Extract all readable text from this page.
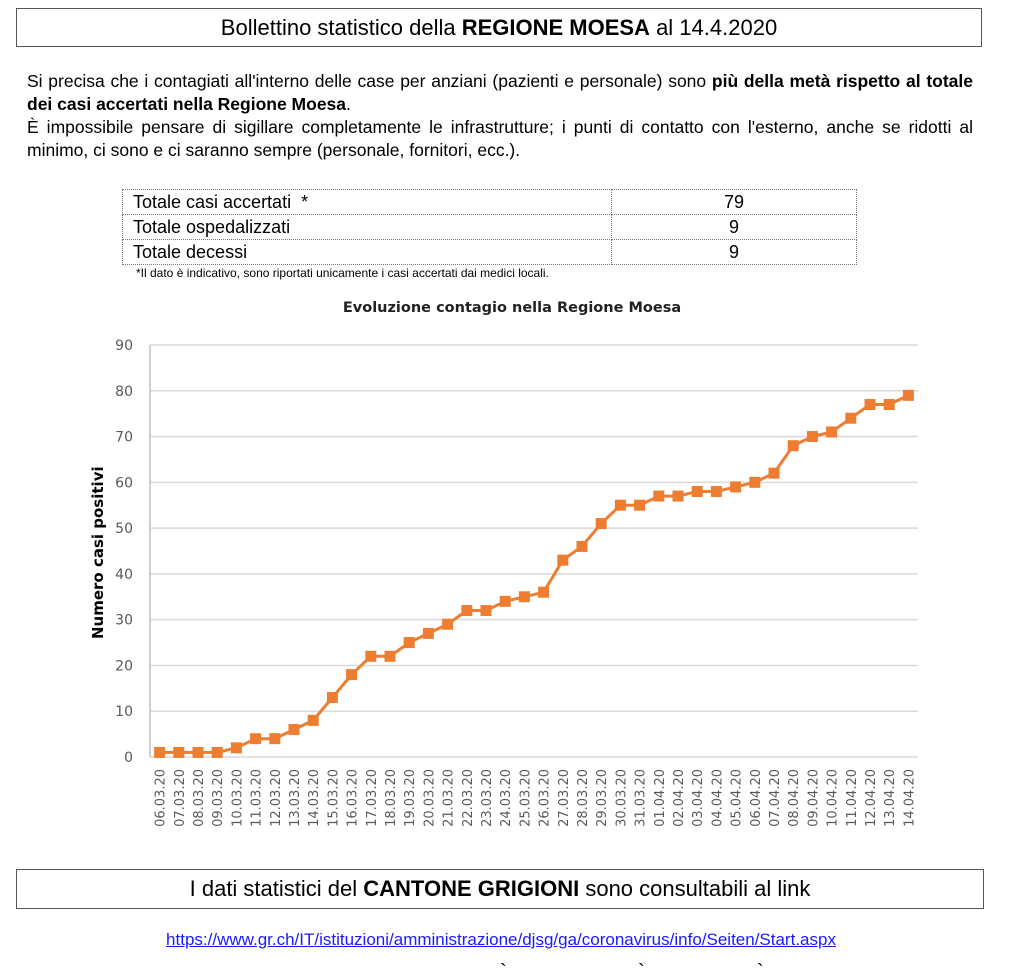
Bollettino statistico della REGIONE MOESA al 14.4.2020

Si precisa che i contagiati all'interno delle case per anziani (pazienti e personale) sono più della metà rispetto al totale dei casi accertati nella Regione Moesa.

È impossibile pensare di sigillare completamente le infrastrutture; i punti di contatto con l'esterno, anche se ridotti al minimo, ci sono e ci saranno sempre (personale, fornitori, ecc.).

Totale casi accertati  *	79
Totale ospedalizzati	9
Totale decessi	9
*Il dato è indicativo, sono riportati unicamente i casi accertati dai medici locali.
Evoluzione contagio nella Regione Moesa
0
10
20
30
40
50
60
70
80
90
Numero casi positivi
06.03.20 07.03.20 08.03.20 09.03.20 10.03.20 11.03.20 12.03.20 13.03.20 14.03.20 15.03.20 16.03.20 17.03.20 18.03.20 19.03.20 20.03.20 21.03.20 22.03.20 23.03.20 24.03.20 25.03.20 26.03.20 27.03.20 28.03.20 29.03.20 30.03.20 31.03.20 01.04.20 02.04.20 03.04.20 04.04.20 05.04.20 06.04.20 07.04.20 08.04.20 09.04.20 10.04.20 11.04.20 12.04.20 13.04.20 14.04.20
I dati statistici del CANTONE GRIGIONI sono consultabili al link
https://www.gr.ch/IT/istituzioni/amministrazione/djsg/ga/coronavirus/info/Seiten/Start.aspx
`	`	`
